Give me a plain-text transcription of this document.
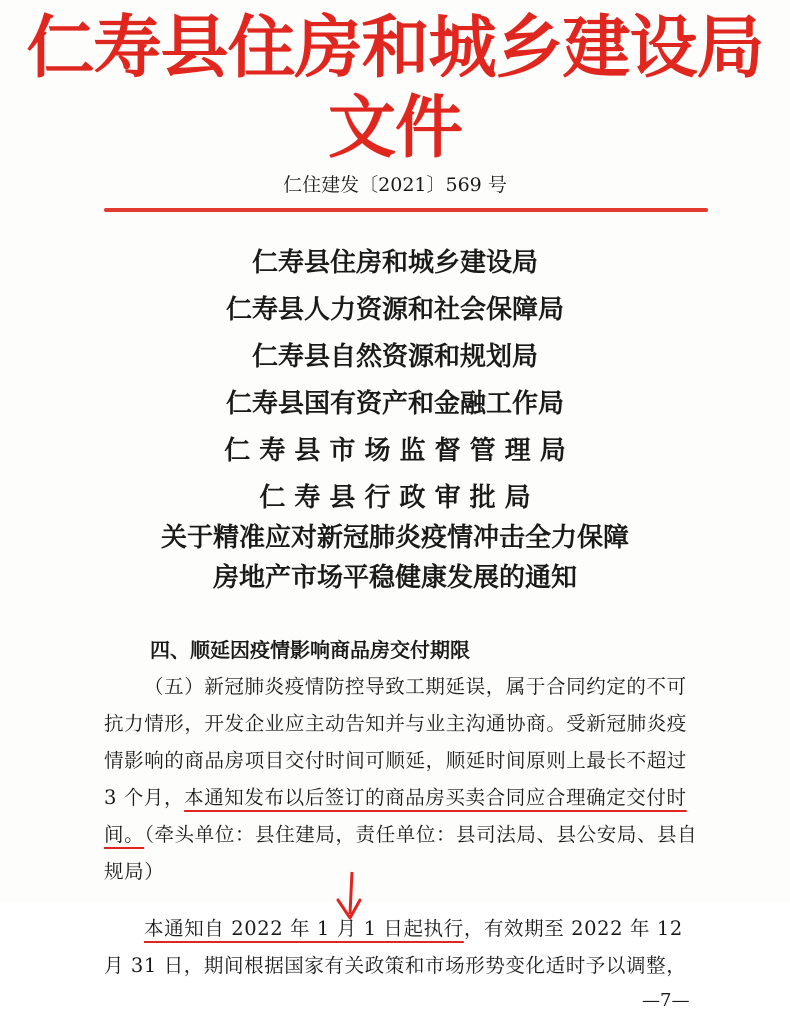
仁寿县住房和城乡建设局文件
仁住建发〔2021〕569 号
仁寿县住房和城乡建设局
仁寿县人力资源和社会保障局
仁寿县自然资源和规划局
仁寿县国有资产和金融工作局
仁 寿 县 市 场 监 督 管 理 局
仁 寿 县 行 政 审 批 局
关于精准应对新冠肺炎疫情冲击全力保障
房地产市场平稳健康发展的通知
四、顺延因疫情影响商品房交付期限
（五）新冠肺炎疫情防控导致工期延误，属于合同约定的不可抗力情形，开发企业应主动告知并与业主沟通协商。受新冠肺炎疫情影响的商品房项目交付时间可顺延，顺延时间原则上最长不超过 3 个月，本通知发布以后签订的商品房买卖合同应合理确定交付时间。（牵头单位：县住建局，责任单位：县司法局、县公安局、县自规局）
本通知自 2022 年 1 月 1 日起执行，有效期至 2022 年 12 月 31 日，期间根据国家有关政策和市场形势变化适时予以调整，
—7—
